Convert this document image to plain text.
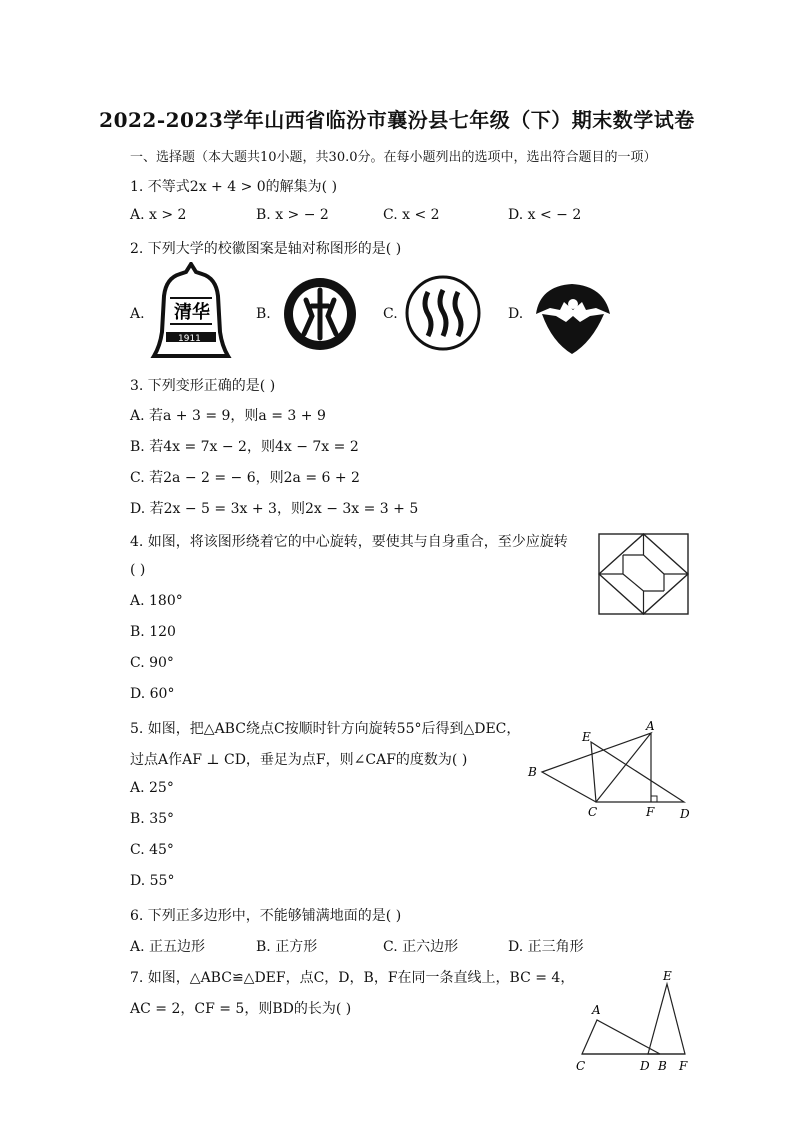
2022-2023学年山西省临汾市襄汾县七年级（下）期末数学试卷
一、选择题（本大题共10小题，共30.0分。在每小题列出的选项中，选出符合题目的一项）
1. 不等式2x + 4 > 0的解集为( )
A. x > 2	B. x > − 2	C. x < 2	D. x < − 2
2. 下列大学的校徽图案是轴对称图形的是( )
A.	B.	C.	D.
清 华
1911
3. 下列变形正确的是( )
A. 若a + 3 = 9，则a = 3 + 9
B. 若4x = 7x − 2，则4x − 7x = 2
C. 若2a − 2 = − 6，则2a = 6 + 2
D. 若2x − 5 = 3x + 3，则2x − 3x = 3 + 5
4. 如图，将该图形绕着它的中心旋转，要使其与自身重合，至少应旋转
( )
A. 180°
B. 120
C. 90°
D. 60°
5. 如图，把△ABC绕点C按顺时针方向旋转55°后得到△DEC，
过点A作AF ⊥ CD，垂足为点F，则∠CAF的度数为( )
A. 25°
B. 35°
C. 45°
D. 55°
E
A
B
C	F D
6. 下列正多边形中，不能够铺满地面的是( )
A. 正五边形	B. 正方形	C. 正六边形	D. 正三角形
7. 如图，△ABC≌△DEF，点C，D，B，F在同一条直线上，BC = 4，
AC = 2，CF = 5，则BD的长为( )
E
A
C	D B F
